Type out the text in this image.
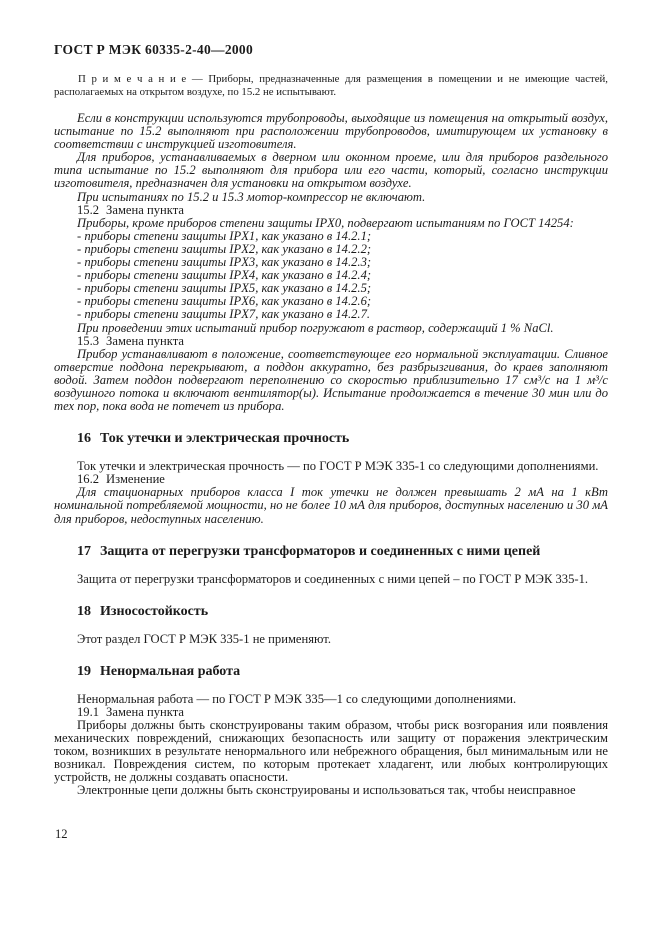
ГОСТ Р МЭК 60335-2-40—2000

П р и м е ч а н и е — Приборы, предназначенные для размещения в помещении и не имеющие частей, располагаемых на открытом воздухе, по 15.2 не испытывают.

Если в конструкции используются трубопроводы, выходящие из помещения на открытый воздух, испытание по 15.2 выполняют при расположении трубопроводов, имитирующем их установку в соответствии с инструкцией изготовителя.

Для приборов, устанавливаемых в дверном или оконном проеме, или для приборов раздельного типа испытание по 15.2 выполняют для прибора или его части, который, согласно инструкции изготовителя, предназначен для установки на открытом воздухе.

При испытаниях по 15.2 и 15.3 мотор-компрессор не включают.

15.2 Замена пункта

Приборы, кроме приборов степени защиты IPХ0, подвергают испытаниям по ГОСТ 14254:

- приборы степени защиты IPX1, как указано в 14.2.1;

- приборы степени защиты IPX2, как указано в 14.2.2;

- приборы степени защиты IPX3, как указано в 14.2.3;

- приборы степени защиты IPX4, как указано в 14.2.4;

- приборы степени защиты IPX5, как указано в 14.2.5;

- приборы степени защиты IPX6, как указано в 14.2.6;

- приборы степени защиты IPX7, как указано в 14.2.7.

При проведении этих испытаний прибор погружают в раствор, содержащий 1 % NaCl.

15.3 Замена пункта

Прибор устанавливают в положение, соответствующее его нормальной эксплуатации. Сливное отверстие поддона перекрывают, а поддон аккуратно, без разбрызгивания, до краев заполняют водой. Затем поддон подвергают переполнению со скоростью приблизительно 17 см³/с на 1 м³/с воздушного потока и включают вентилятор(ы). Испытание продолжается в течение 30 мин или до тех пор, пока вода не потечет из прибора.

16 Ток утечки и электрическая прочность

Ток утечки и электрическая прочность — по ГОСТ Р МЭК 335-1 со следующими дополнениями.

16.2 Изменение

Для стационарных приборов класса I ток утечки не должен превышать 2 мА на 1 кВт номинальной потребляемой мощности, но не более 10 мА для приборов, доступных населению и 30 мА для приборов, недоступных населению.

17 Защита от перегрузки трансформаторов и соединенных с ними цепей

Защита от перегрузки трансформаторов и соединенных с ними цепей – по ГОСТ Р МЭК 335-1.

18 Износостойкость

Этот раздел ГОСТ Р МЭК 335-1 не применяют.

19 Ненормальная работа

Ненормальная работа — по ГОСТ Р МЭК 335—1 со следующими дополнениями.

19.1 Замена пункта

Приборы должны быть сконструированы таким образом, чтобы риск возгорания или появления механических повреждений, снижающих безопасность или защиту от поражения электрическим током, возникших в результате ненормального или небрежного обращения, был минимальным или не возникал. Повреждения систем, по которым протекает хладагент, или любых контролирующих устройств, не должны создавать опасности.

Электронные цепи должны быть сконструированы и использоваться так, чтобы неисправное

12
